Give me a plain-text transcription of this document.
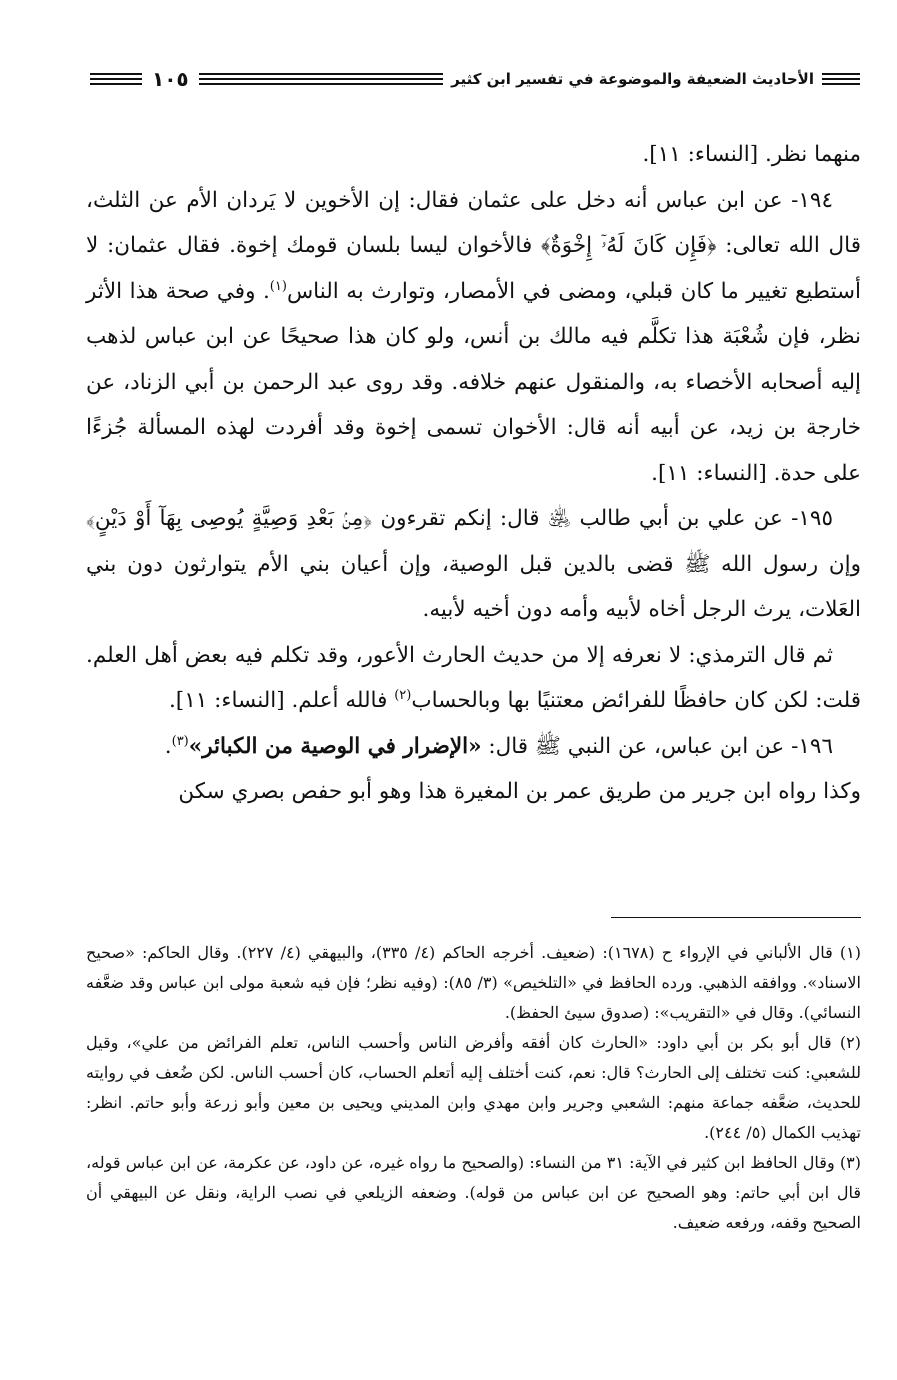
الأحاديث الضعيفة والموضوعة في تفسير ابن كثير
١٠٥

منهما نظر. [النساء: ١١].

١٩٤- عن ابن عباس أنه دخل على عثمان فقال: إن الأخوين لا يَردان الأم عن الثلث، قال الله تعالى: ﴿فَإِن كَانَ لَهُۥٓ إِخْوَةٌ﴾ فالأخوان ليسا بلسان قومك إخوة. فقال عثمان: لا أستطيع تغيير ما كان قبلي، ومضى في الأمصار، وتوارث به الناس$^{(١)}$. وفي صحة هذا الأثر نظر، فإن شُعْبَة هذا تكلَّم فيه مالك بن أنس، ولو كان هذا صحيحًا عن ابن عباس لذهب إليه أصحابه الأخصاء به، والمنقول عنهم خلافه. وقد روى عبد الرحمن بن أبي الزناد، عن خارجة بن زيد، عن أبيه أنه قال: الأخوان تسمى إخوة وقد أفردت لهذه المسألة جُزءًا على حدة. [النساء: ١١].

١٩٥- عن علي بن أبي طالب ﵁ قال: إنكم تقرءون ﴿مِنۢ بَعْدِ وَصِيَّةٍ يُوصِى بِهَآ أَوْ دَيْنٍ﴾ وإن رسول الله ﷺ قضى بالدين قبل الوصية، وإن أعيان بني الأم يتوارثون دون بني العَلات، يرث الرجل أخاه لأبيه وأمه دون أخيه لأبيه.

ثم قال الترمذي: لا نعرفه إلا من حديث الحارث الأعور، وقد تكلم فيه بعض أهل العلم. قلت: لكن كان حافظًا للفرائض معتنيًا بها وبالحساب$^{(٢)}$ فالله أعلم. [النساء: ١١].

١٩٦- عن ابن عباس، عن النبي ﷺ قال: «الإضرار في الوصية من الكبائر»$^{(٣)}$.

وكذا رواه ابن جرير من طريق عمر بن المغيرة هذا وهو أبو حفص بصري سكن

(١) قال الألباني في الإرواء ح (١٦٧٨): (ضعيف. أخرجه الحاكم (٤/ ٣٣٥)، والبيهقي (٤/ ٢٢٧). وقال الحاكم: «صحيح الاسناد». ووافقه الذهبي. ورده الحافظ في «التلخيص» (٣/ ٨٥): (وفيه نظر؛ فإن فيه شعبة مولى ابن عباس وقد ضعَّفه النسائي). وقال في «التقريب»: (صدوق سيئ الحفظ).

(٢) قال أبو بكر بن أبي داود: «الحارث كان أفقه وأفرض الناس وأحسب الناس، تعلم الفرائض من علي»، وقيل للشعبي: كنت تختلف إلى الحارث؟ قال: نعم، كنت أختلف إليه أتعلم الحساب، كان أحسب الناس. لكن ضُعف في روايته للحديث، ضعَّفه جماعة منهم: الشعبي وجرير وابن مهدي وابن المديني ويحيى بن معين وأبو زرعة وأبو حاتم. انظر: تهذيب الكمال (٥/ ٢٤٤).

(٣) وقال الحافظ ابن كثير في الآية: ٣١ من النساء: (والصحيح ما رواه غيره، عن داود، عن عكرمة، عن ابن عباس قوله، قال ابن أبي حاتم: وهو الصحيح عن ابن عباس من قوله). وضعفه الزيلعي في نصب الراية، ونقل عن البيهقي أن الصحيح وقفه، ورفعه ضعيف.
